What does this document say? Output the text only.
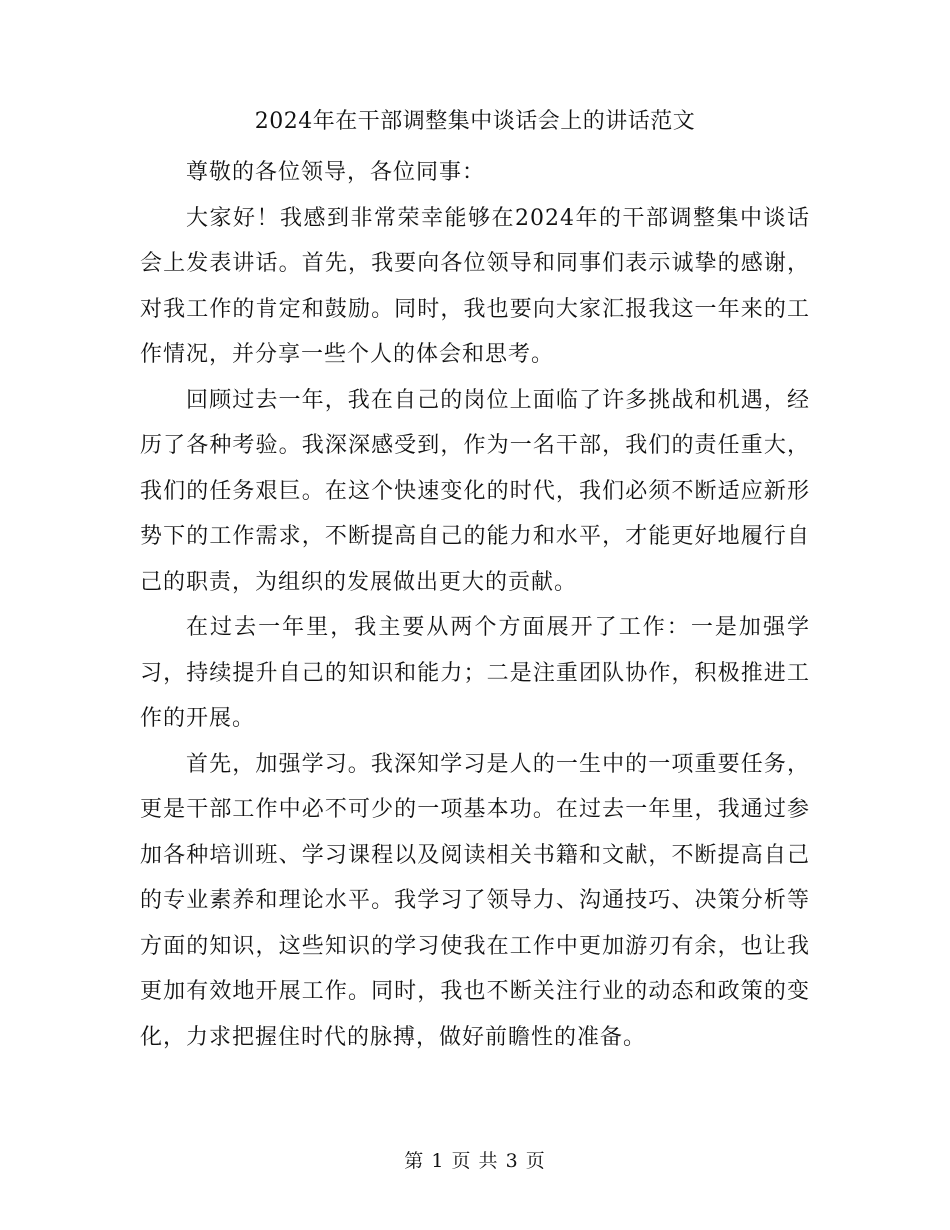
2024年在干部调整集中谈话会上的讲话范文

尊敬的各位领导，各位同事：

大家好！我感到非常荣幸能够在2024年的干部调整集中谈话会上发表讲话。首先，我要向各位领导和同事们表示诚挚的感谢，对我工作的肯定和鼓励。同时，我也要向大家汇报我这一年来的工作情况，并分享一些个人的体会和思考。

回顾过去一年，我在自己的岗位上面临了许多挑战和机遇，经历了各种考验。我深深感受到，作为一名干部，我们的责任重大，我们的任务艰巨。在这个快速变化的时代，我们必须不断适应新形势下的工作需求，不断提高自己的能力和水平，才能更好地履行自己的职责，为组织的发展做出更大的贡献。

在过去一年里，我主要从两个方面展开了工作：一是加强学习，持续提升自己的知识和能力；二是注重团队协作，积极推进工作的开展。

首先，加强学习。我深知学习是人的一生中的一项重要任务，更是干部工作中必不可少的一项基本功。在过去一年里，我通过参加各种培训班、学习课程以及阅读相关书籍和文献，不断提高自己的专业素养和理论水平。我学习了领导力、沟通技巧、决策分析等方面的知识，这些知识的学习使我在工作中更加游刃有余，也让我更加有效地开展工作。同时，我也不断关注行业的动态和政策的变化，力求把握住时代的脉搏，做好前瞻性的准备。

第 1 页 共 3 页
